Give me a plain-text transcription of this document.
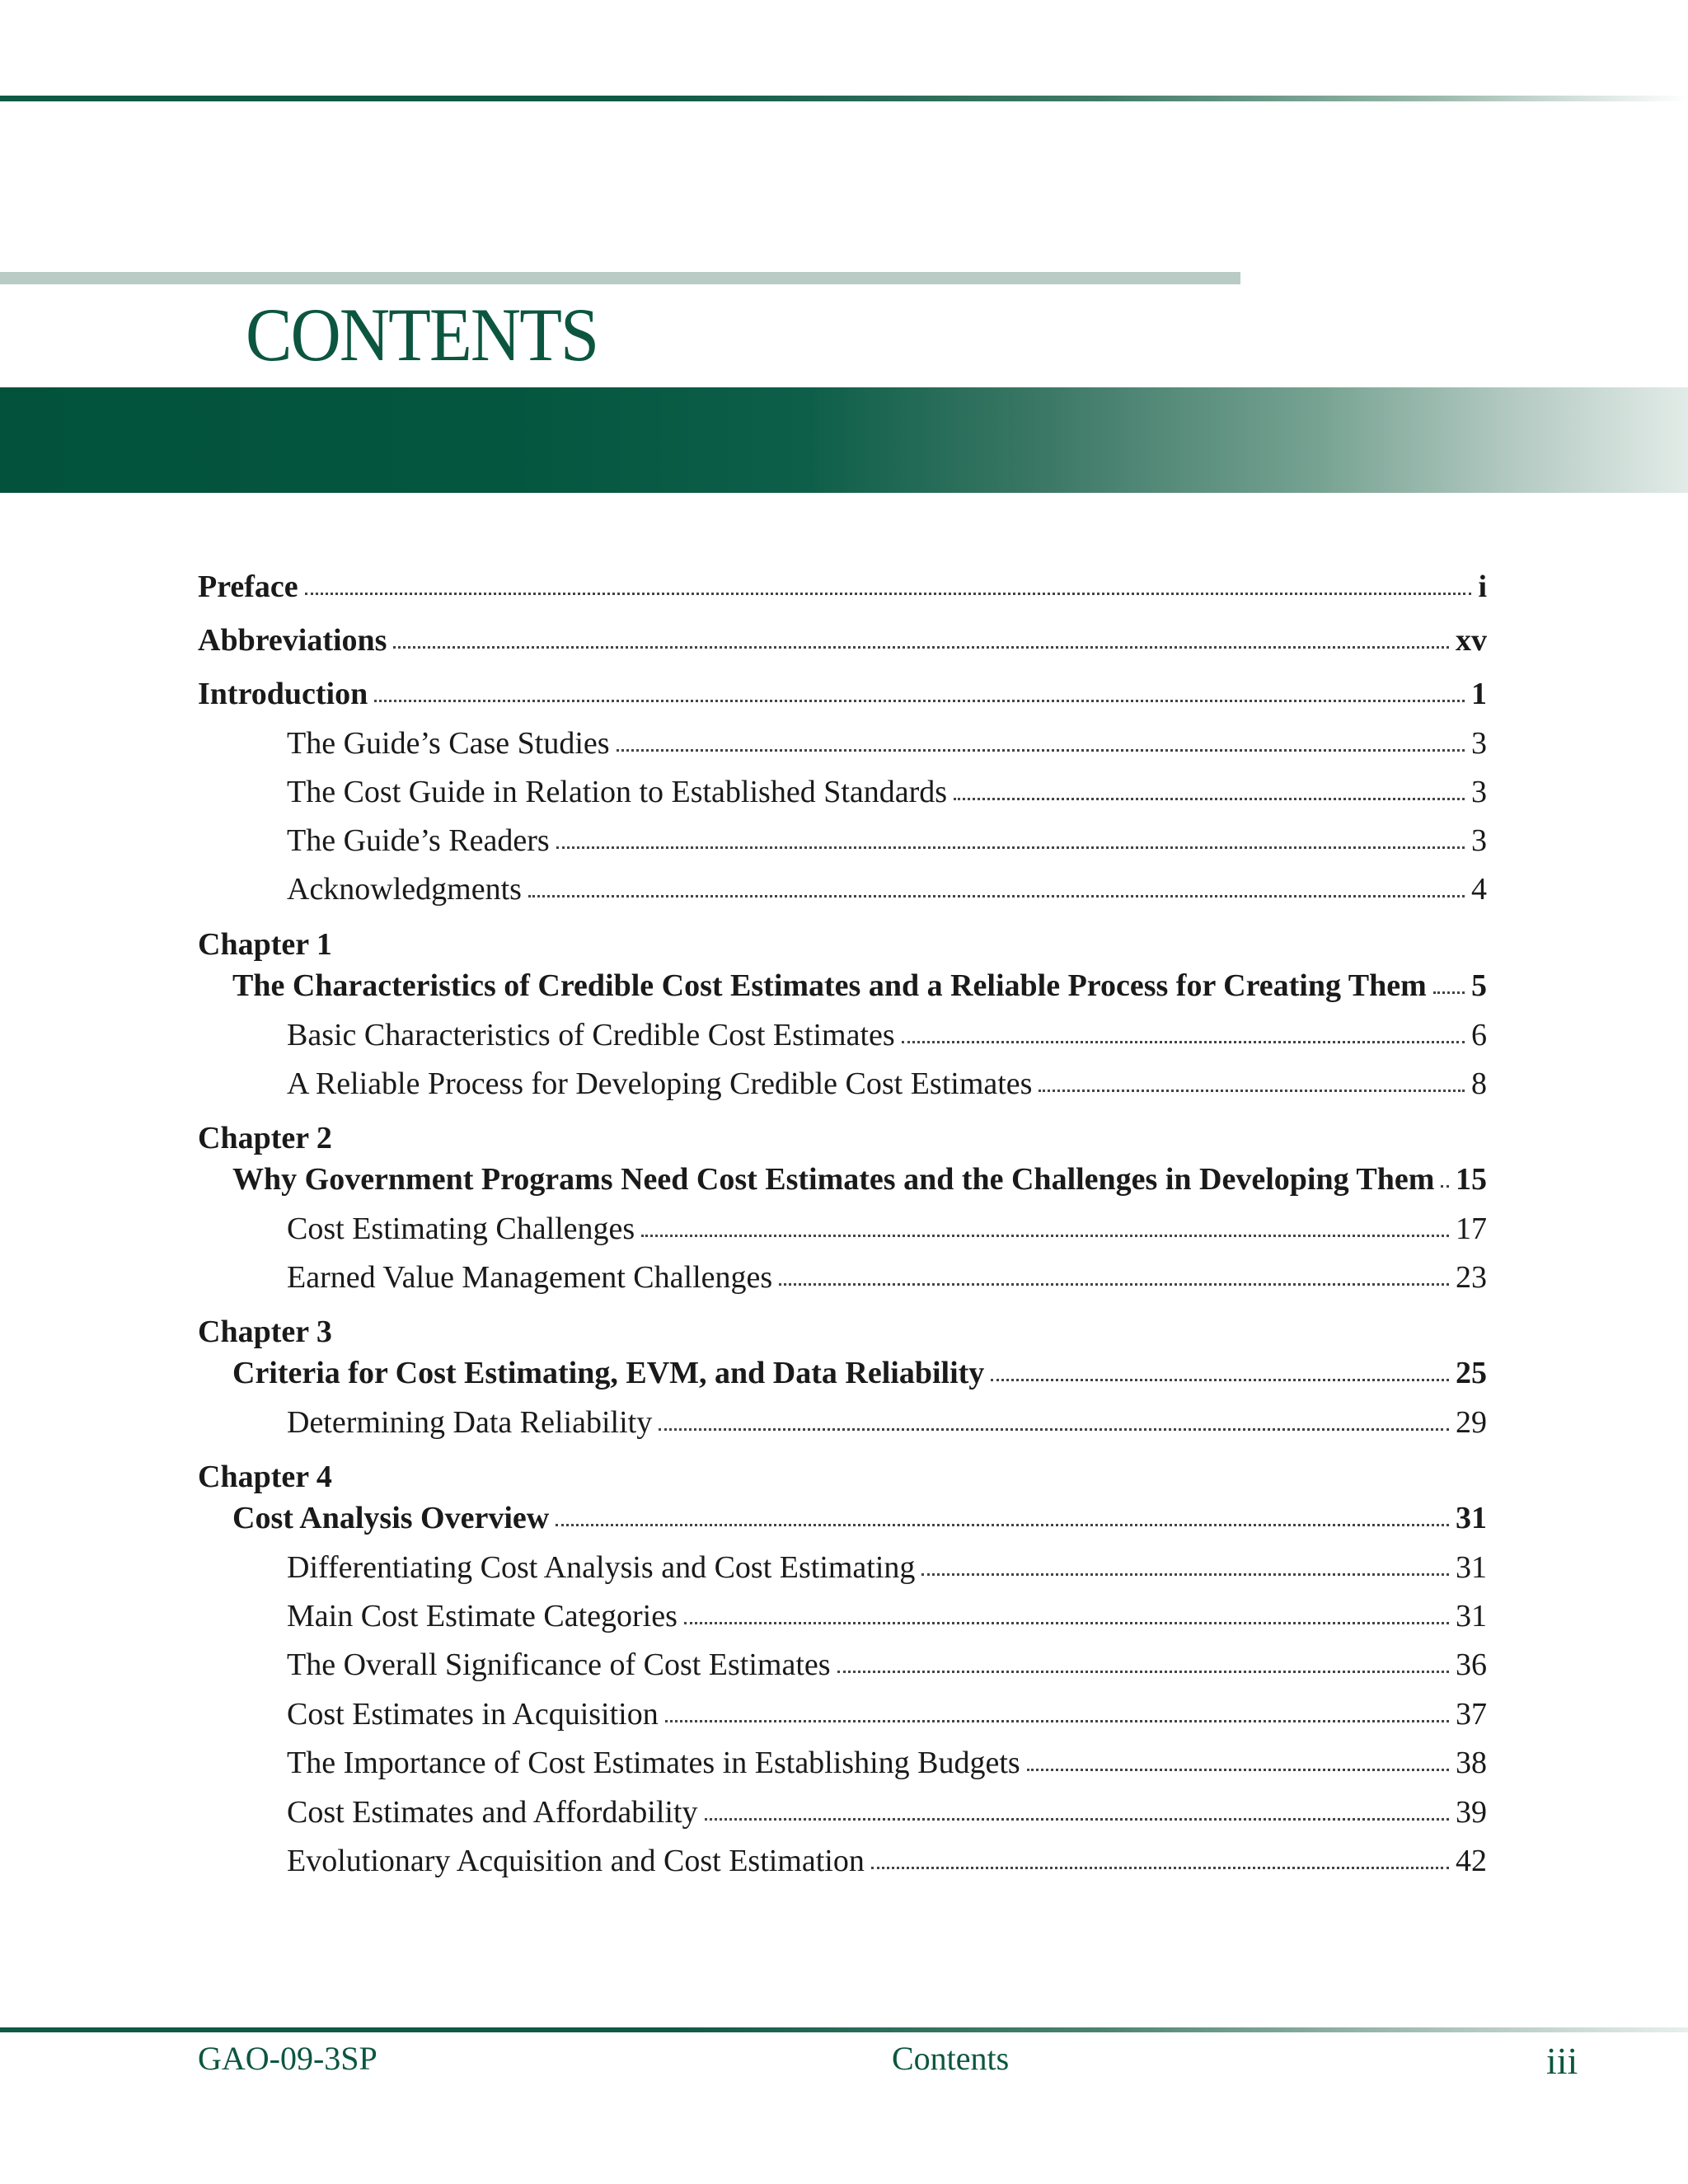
CONTENTS
Preface	i
Abbreviations	xv
Introduction	1
The Guide’s Case Studies	3
The Cost Guide in Relation to Established Standards	3
The Guide’s Readers	3
Acknowledgments	4
Chapter 1
The Characteristics of Credible Cost Estimates and a Reliable Process for Creating Them 5
Basic Characteristics of Credible Cost Estimates	6
A Reliable Process for Developing Credible Cost Estimates	8
Chapter 2
Why Government Programs Need Cost Estimates and the Challenges in Developing Them 15
Cost Estimating Challenges	17
Earned Value Management Challenges	23
Chapter 3
Criteria for Cost Estimating, EVM, and Data Reliability	25
Determining Data Reliability	29
Chapter 4
Cost Analysis Overview	31
Differentiating Cost Analysis and Cost Estimating	31
Main Cost Estimate Categories	31
The Overall Significance of Cost Estimates	36
Cost Estimates in Acquisition	37
The Importance of Cost Estimates in Establishing Budgets	38
Cost Estimates and Affordability	39
Evolutionary Acquisition and Cost Estimation	42
GAO-09-3SP	Contents	iii
